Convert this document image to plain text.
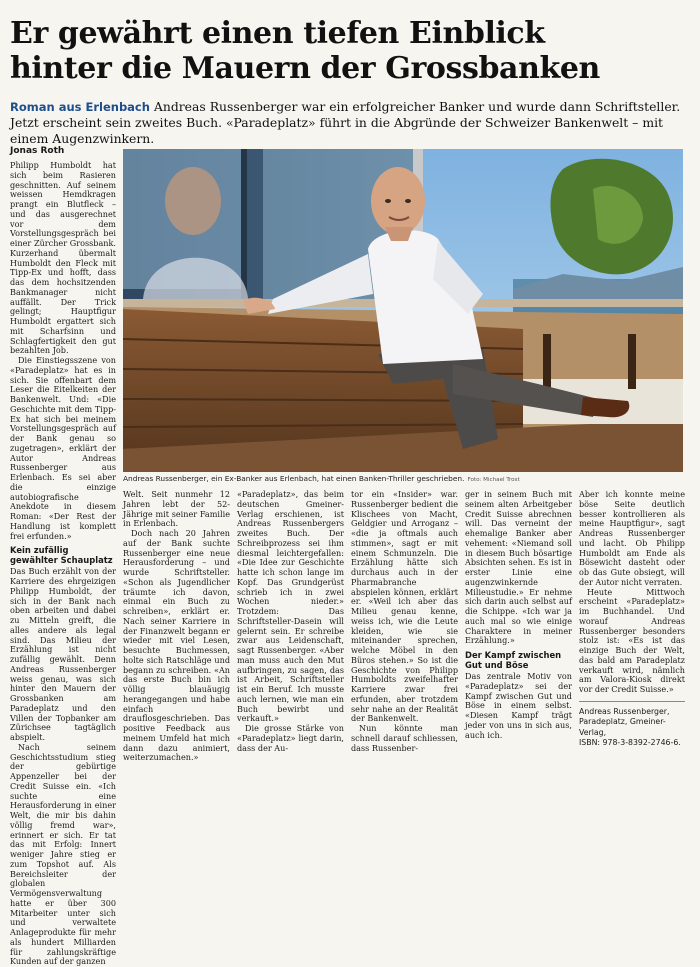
Er gewährt einen tiefen Einblick
hinter die Mauern der Grossbanken
Roman aus Erlenbach Andreas Russenberger war ein erfolgreicher Banker und wurde dann Schriftsteller. Jetzt erscheint sein zweites Buch. «Paradeplatz» führt in die Abgründe der Schweizer Bankenwelt – mit einem Augenzwinkern.
Jonas Roth

Philipp Humboldt hat sich beim Rasieren geschnitten. Auf seinem weissen Hemdkragen prangt ein Blutfleck – und das ausgerechnet vor dem Vorstellungsgespräch bei einer Zürcher Grossbank. Kurzerhand übermalt Humboldt den Fleck mit Tipp-Ex und hofft, dass das dem hochsitzenden Bankmanager nicht auffällt. Der Trick gelingt; Hauptfigur Humboldt ergattert sich mit Scharfsinn und Schlagfertigkeit den gut bezahlten Job.

Die Einstiegsszene von «Paradeplatz» hat es in sich. Sie offenbart dem Leser die Eitelkeiten der Bankenwelt. Und: «Die Geschichte mit dem Tipp-Ex hat sich bei meinem Vorstellungsgespräch auf der Bank genau so zugetragen», erklärt der Autor Andreas Russenberger aus Erlenbach. Es sei aber die einzige autobiografische Anekdote in diesem Roman: «Der Rest der Handlung ist komplett frei erfunden.»

Kein zufällig gewählter Schauplatz

Das Buch erzählt von der Karriere des ehrgeizigen Philipp Humboldt, der sich in der Bank nach oben arbeiten und dabei zu Mitteln greift, die alles andere als legal sind. Das Milieu der Erzählung ist nicht zufällig gewählt. Denn Andreas Russenberger weiss genau, was sich hinter den Mauern der Grossbanken am Paradeplatz und den Villen der Topbanker am Zürichsee tagtäglich abspielt.

Nach seinem Geschichtsstudium stieg der gebürtige Appenzeller bei der Credit Suisse ein. «Ich suchte eine Herausforderung in einer Welt, die mir bis dahin völlig fremd war», erinnert er sich. Er tat das mit Erfolg: Innert weniger Jahre stieg er zum Topshot auf. Als Bereichsleiter der globalen Vermögensverwaltung hatte er über 300 Mitarbeiter unter sich und verwaltete Anlageprodukte für mehr als hundert Milliarden für zahlungskräftige Kunden auf der ganzen

Andreas Russenberger, ein Ex-Banker aus Erlenbach, hat einen Banken-Thriller geschrieben. Foto: Michael Trost

Welt. Seit nunmehr 12 Jahren lebt der 52-Jährige mit seiner Familie in Erlenbach.

Doch nach 20 Jahren auf der Bank suchte Russenberger eine neue Herausforderung – und wurde Schriftsteller. «Schon als Jugendlicher träumte ich davon, einmal ein Buch zu schreiben», erklärt er. Nach seiner Karriere in der Finanzwelt begann er wieder mit viel Lesen, besuchte Buchmessen, holte sich Ratschläge und begann zu schreiben. «An das erste Buch bin ich völlig blauäugig herangegangen und habe einfach drauflosgeschrieben. Das positive Feedback aus meinem Umfeld hat mich dann dazu animiert, weiterzumachen.»

«Paradeplatz», das beim deutschen Gmeiner-Verlag erschienen, ist Andreas Russenbergers zweites Buch. Der Schreibprozess sei ihm diesmal leichtergefallen: «Die Idee zur Geschichte hatte ich schon lange im Kopf. Das Grundgerüst schrieb ich in zwei Wochen nieder.» Trotzdem: Das Schriftsteller-Dasein will gelernt sein. Er schreibe zwar aus Leidenschaft, sagt Russenberger. «Aber man muss auch den Mut aufbringen, zu sagen, das ist Arbeit, Schriftsteller ist ein Beruf. Ich musste auch lernen, wie man ein Buch bewirbt und verkauft.»

Die grosse Stärke von «Paradeplatz» liegt darin, dass der Au-

tor ein «Insider» war. Russenberger bedient die Klischees von Macht, Geldgier und Arroganz – «die ja oftmals auch stimmen», sagt er mit einem Schmunzeln. Die Erzählung hätte sich durchaus auch in der Pharmabranche abspielen können, erklärt er. «Weil ich aber das Milieu genau kenne, weiss ich, wie die Leute kleiden, wie sie miteinander sprechen, welche Möbel in den Büros stehen.» So ist die Geschichte von Philipp Humboldts zweifelhafter Karriere zwar frei erfunden, aber trotzdem sehr nahe an der Realität der Bankenwelt.

Nun könnte man schnell darauf schliessen, dass Russenber-

ger in seinem Buch mit seinem alten Arbeitgeber Credit Suisse abrechnen will. Das verneint der ehemalige Banker aber vehement: «Niemand soll in diesem Buch bösartige Absichten sehen. Es ist in erster Linie eine augenzwinkernde Milieustudie.» Er nehme sich darin auch selbst auf die Schippe. «Ich war ja auch mal so wie einige Charaktere in meiner Erzählung.»

Der Kampf zwischen Gut und Böse

Das zentrale Motiv von «Paradeplatz» sei der Kampf zwischen Gut und Böse in einem selbst. «Diesen Kampf trägt jeder von uns in sich aus, auch ich.

Aber ich konnte meine böse Seite deutlich besser kontrollieren als meine Hauptfigur», sagt Andreas Russenberger und lacht. Ob Philipp Humboldt am Ende als Bösewicht dasteht oder ob das Gute obsiegt, will der Autor nicht verraten.

Heute Mittwoch erscheint «Paradeplatz» im Buchhandel. Und worauf Andreas Russenberger besonders stolz ist: «Es ist das einzige Buch der Welt, das bald am Paradeplatz verkauft wird, nämlich am Valora-Kiosk direkt vor der Credit Suisse.»

Andreas Russenberger,
Paradeplatz, Gmeiner-Verlag,
ISBN: 978-3-8392-2746-6.
